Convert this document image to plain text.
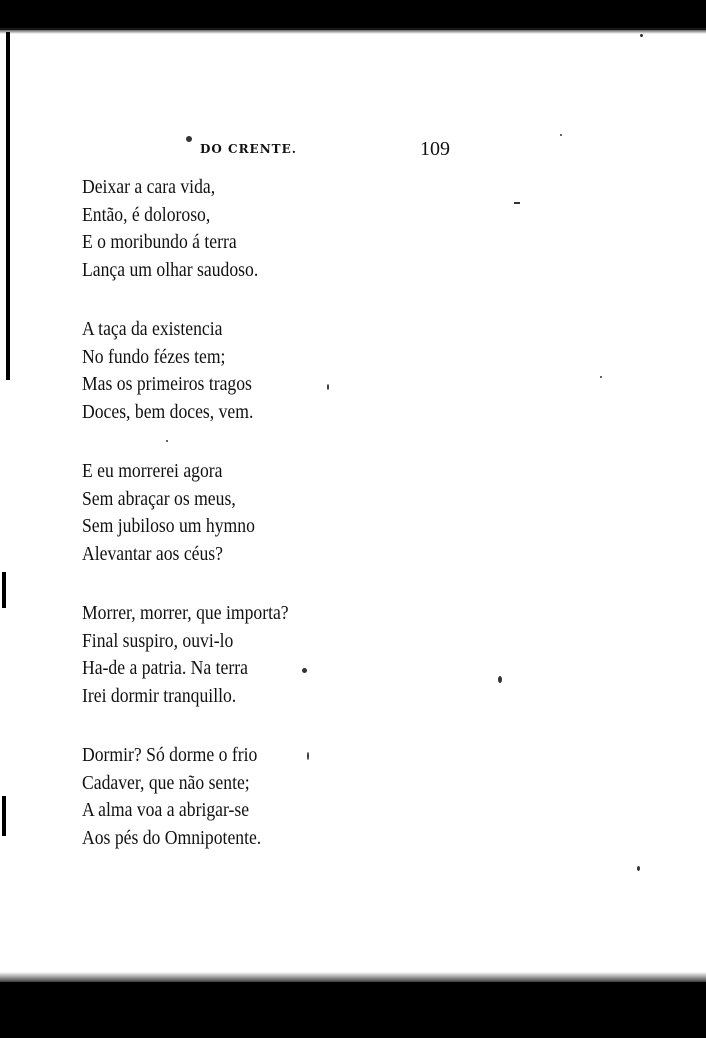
DO CRENTE.	109
Deixar a cara vida,
Então, é doloroso,
E o moribundo á terra
Lança um olhar saudoso.
A taça da existencia
No fundo fézes tem;
Mas os primeiros tragos
Doces, bem doces, vem.
E eu morrerei agora
Sem abraçar os meus,
Sem jubiloso um hymno
Alevantar aos céus?
Morrer, morrer, que importa?
Final suspiro, ouvi-lo
Ha-de a patria. Na terra
Irei dormir tranquillo.
Dormir? Só dorme o frio
Cadaver, que não sente;
A alma voa a abrigar-se
Aos pés do Omnipotente.
